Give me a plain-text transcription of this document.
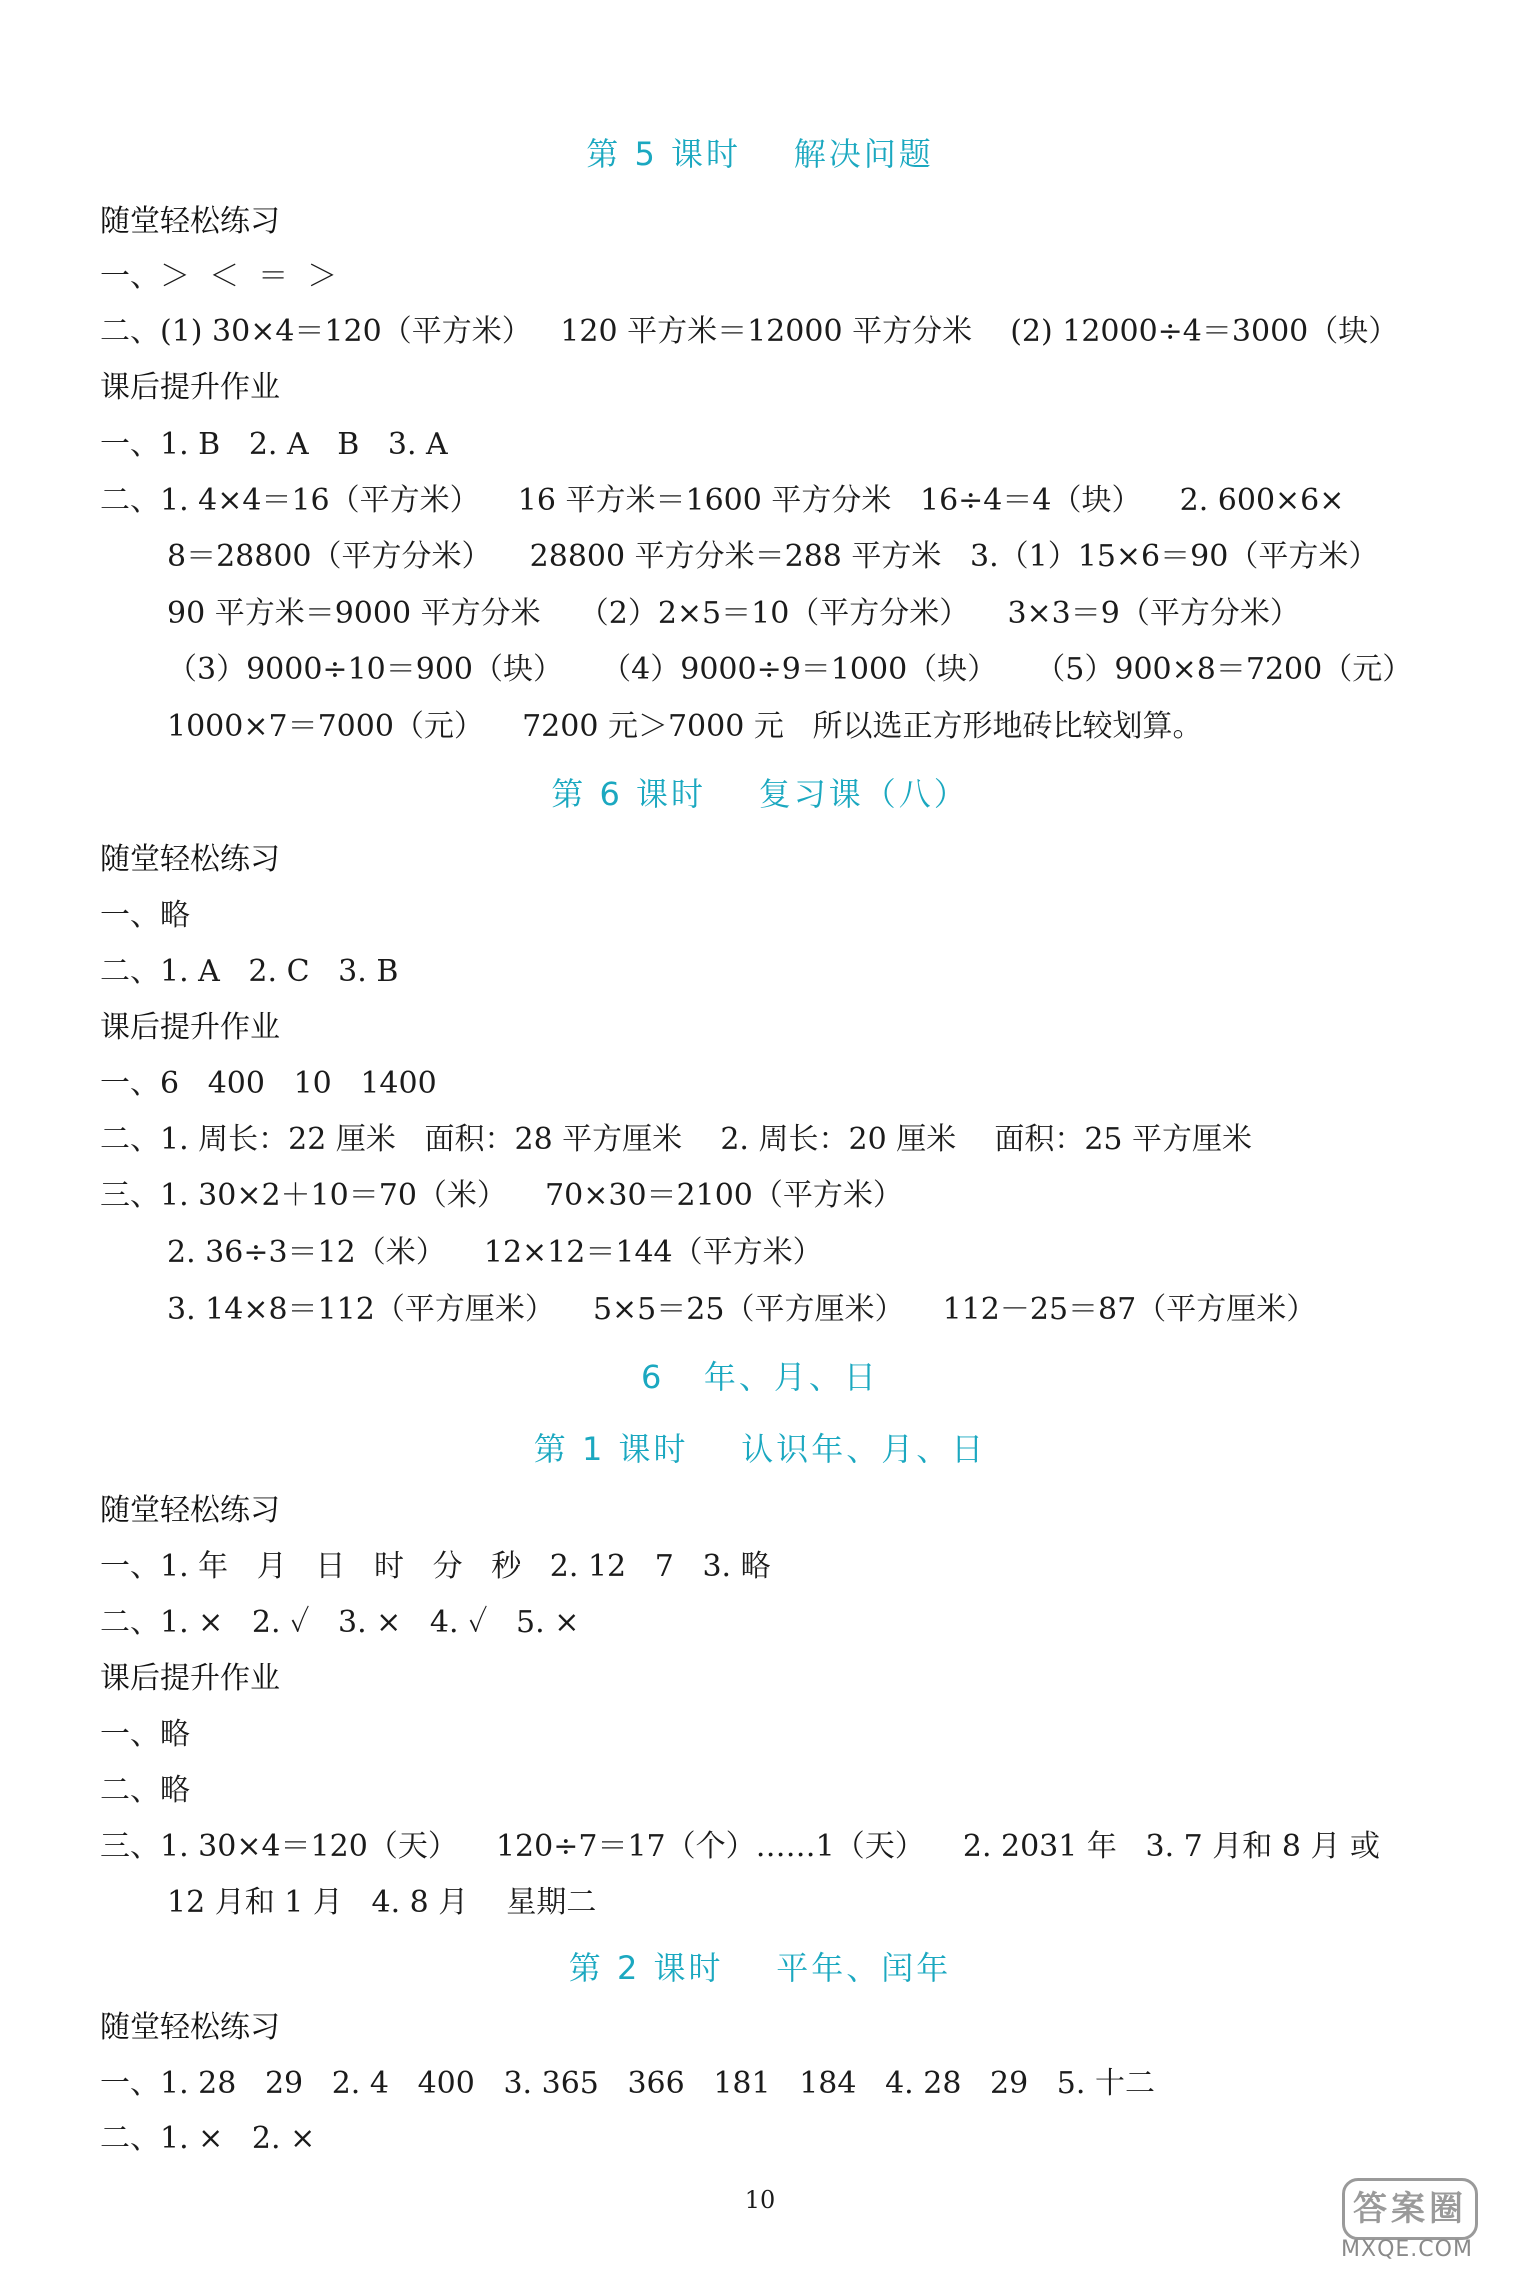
第 5 课时    解决问题
随堂轻松练习
一、＞  ＜  ＝  ＞
二、(1) 30×4＝120（平方米）   120 平方米＝12000 平方分米    (2) 12000÷4＝3000（块）
课后提升作业
一、1. B   2. A   B   3. A
二、1. 4×4＝16（平方米）    16 平方米＝1600 平方分米   16÷4＝4（块）    2. 600×6×
8＝28800（平方分米）    28800 平方分米＝288 平方米   3.（1）15×6＝90（平方米）
90 平方米＝9000 平方分米    （2）2×5＝10（平方分米）    3×3＝9（平方分米）
（3）9000÷10＝900（块）    （4）9000÷9＝1000（块）    （5）900×8＝7200（元）
1000×7＝7000（元）    7200 元＞7000 元   所以选正方形地砖比较划算。
第 6 课时    复习课（八）
随堂轻松练习
一、略
二、1. A   2. C   3. B
课后提升作业
一、6   400   10   1400
二、1. 周长：22 厘米   面积：28 平方厘米    2. 周长：20 厘米    面积：25 平方厘米
三、1. 30×2＋10＝70（米）    70×30＝2100（平方米）
2. 36÷3＝12（米）    12×12＝144（平方米）
3. 14×8＝112（平方厘米）    5×5＝25（平方厘米）    112－25＝87（平方厘米）
6   年、月、日
第 1 课时    认识年、月、日
随堂轻松练习
一、1. 年   月   日   时   分   秒   2. 12   7   3. 略
二、1. ×   2. ✓   3. ×   4. ✓   5. ×
课后提升作业
一、略
二、略
三、1. 30×4＝120（天）    120÷7＝17（个）……1（天）    2. 2031 年   3. 7 月和 8 月 或
12 月和 1 月   4. 8 月    星期二
第 2 课时    平年、闰年
随堂轻松练习
一、1. 28   29   2. 4   400   3. 365   366   181   184   4. 28   29   5. 十二
二、1. ×   2. ×
10	答案圈
MXQE.COM
